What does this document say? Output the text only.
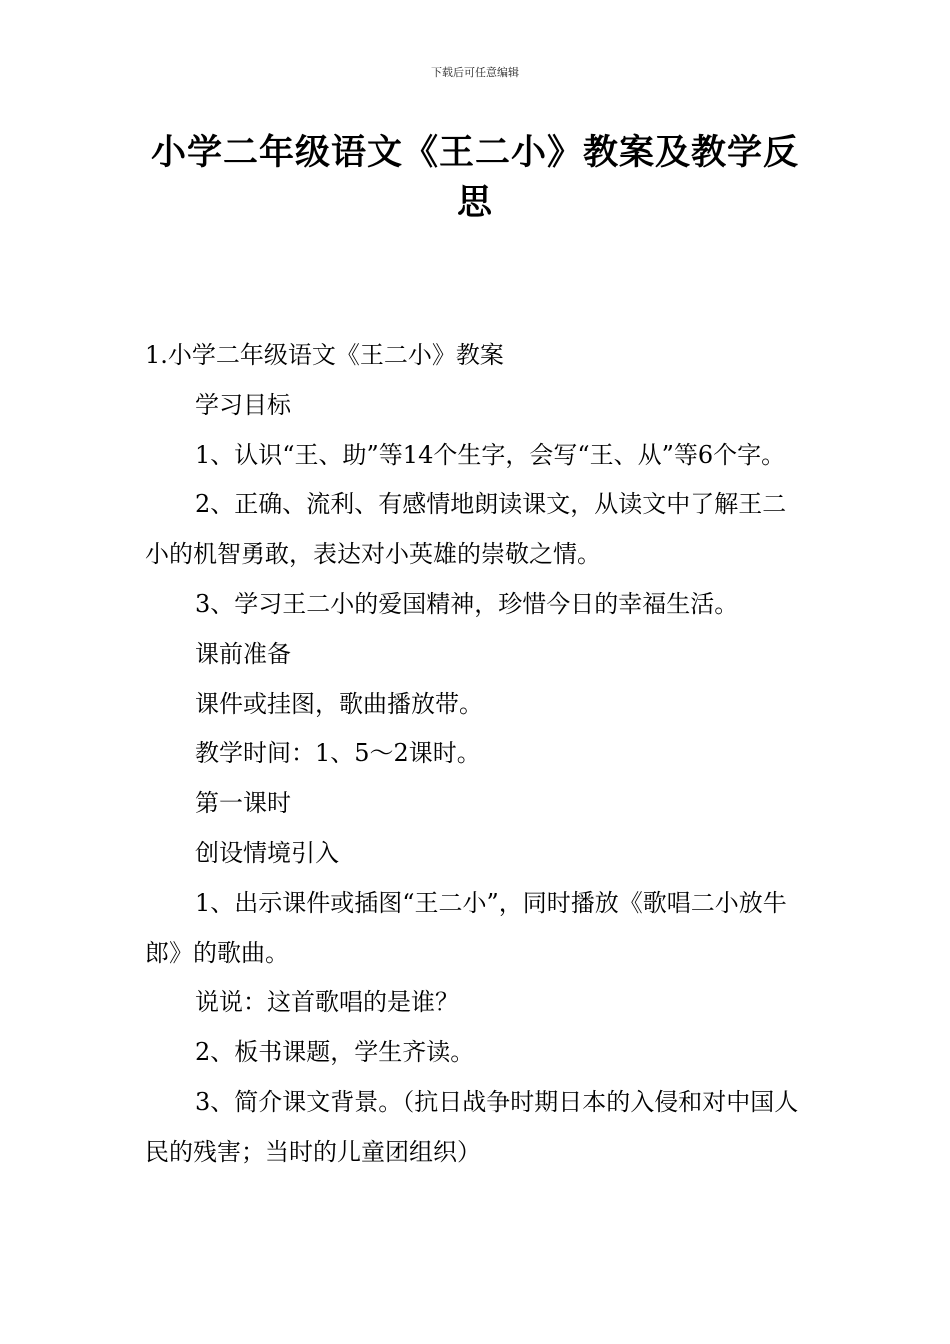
下载后可任意编辑
小学二年级语文《王二小》教案及教学反思

1.小学二年级语文《王二小》教案

学习目标

1、认识“王、助”等14个生字，会写“王、从”等6个字。

2、正确、流利、有感情地朗读课文，从读文中了解王二小的机智勇敢，表达对小英雄的崇敬之情。

3、学习王二小的爱国精神，珍惜今日的幸福生活。

课前准备

课件或挂图，歌曲播放带。

教学时间：1、5～2课时。

第一课时

创设情境引入

1、出示课件或插图“王二小”，同时播放《歌唱二小放牛郎》的歌曲。

说说：这首歌唱的是谁？

2、板书课题，学生齐读。

3、简介课文背景。（抗日战争时期日本的入侵和对中国人民的残害；当时的儿童团组织）
